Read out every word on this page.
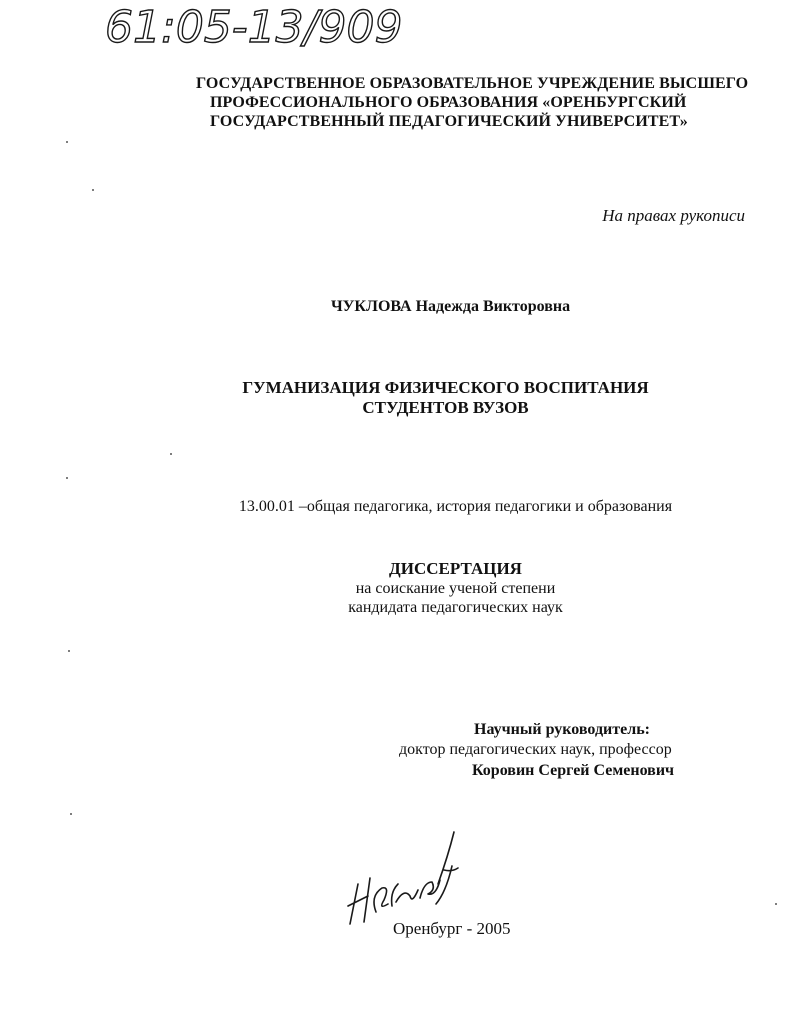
61:05-13/909
ГОСУДАРСТВЕННОЕ ОБРАЗОВАТЕЛЬНОЕ УЧРЕЖДЕНИЕ ВЫСШЕГО
ПРОФЕССИОНАЛЬНОГО ОБРАЗОВАНИЯ «ОРЕНБУРГСКИЙ
ГОСУДАРСТВЕННЫЙ ПЕДАГОГИЧЕСКИЙ УНИВЕРСИТЕТ»
На правах рукописи
ЧУКЛОВА Надежда Викторовна
ГУМАНИЗАЦИЯ ФИЗИЧЕСКОГО ВОСПИТАНИЯ
СТУДЕНТОВ ВУЗОВ
13.00.01 –общая педагогика, история педагогики и образования
ДИССЕРТАЦИЯ
на соискание ученой степени
кандидата педагогических наук
Научный руководитель:
доктор педагогических наук, профессор
Коровин Сергей Семенович
Оренбург - 2005
